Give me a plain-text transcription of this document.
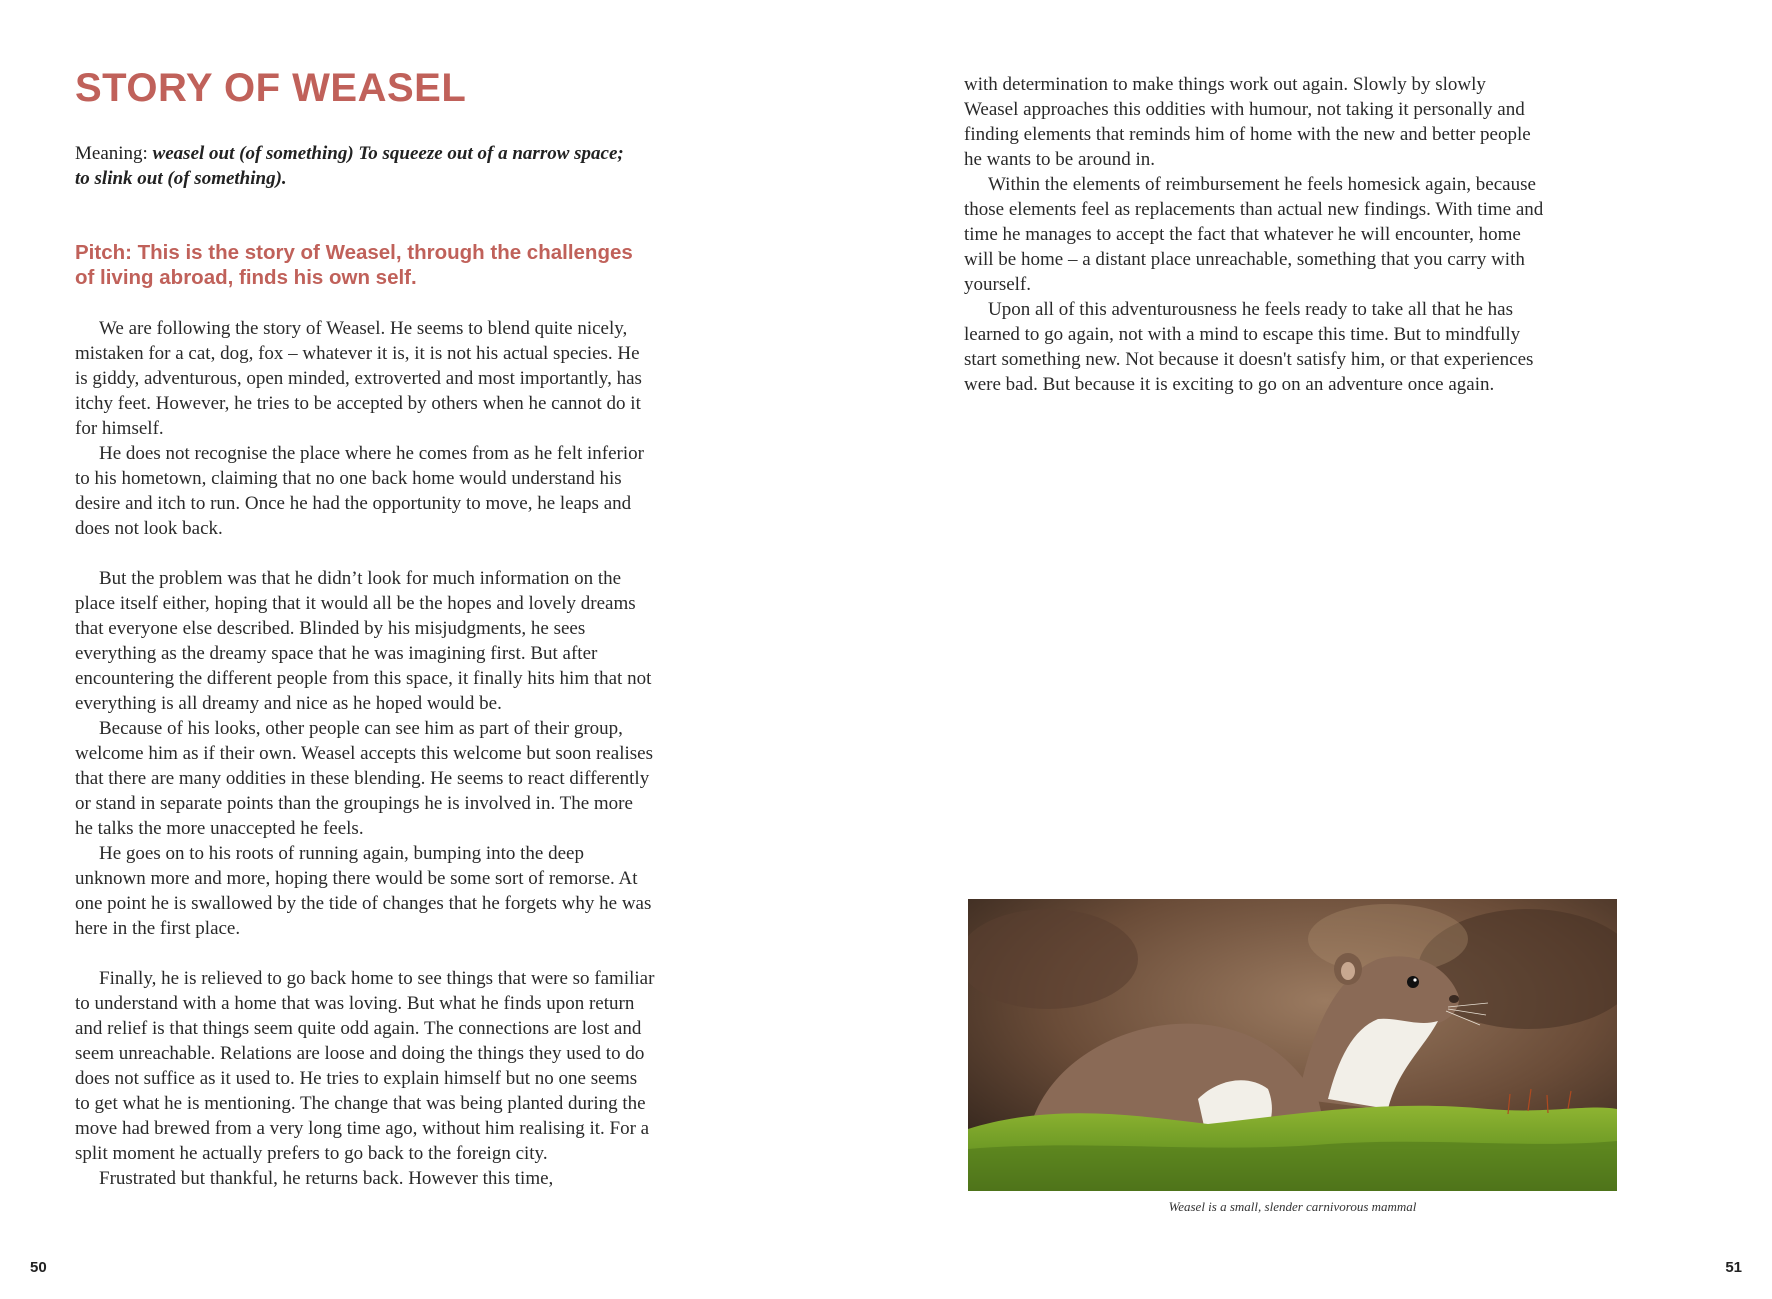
STORY OF WEASEL
Meaning: weasel out (of something) To squeeze out of a narrow space; to slink out (of something).
Pitch: This is the story of Weasel, through the challenges of living abroad, finds his own self.

We are following the story of Weasel. He seems to blend quite nicely, mistaken for a cat, dog, fox – whatever it is, it is not his actual species. He is giddy, adventurous, open minded, extroverted and most importantly, has itchy feet. However, he tries to be accepted by others when he cannot do it for himself.

He does not recognise the place where he comes from as he felt inferior to his hometown, claiming that no one back home would understand his desire and itch to run. Once he had the opportunity to move, he leaps and does not look back.

But the problem was that he didn’t look for much information on the place itself either, hoping that it would all be the hopes and lovely dreams that everyone else described. Blinded by his misjudgments, he sees everything as the dreamy space that he was imagining first. But after encountering the different people from this space, it finally hits him that not everything is all dreamy and nice as he hoped would be.

Because of his looks, other people can see him as part of their group, welcome him as if their own. Weasel accepts this welcome but soon realises that there are many oddities in these blending. He seems to react differently or stand in separate points than the groupings he is involved in. The more he talks the more unaccepted he feels.

He goes on to his roots of running again, bumping into the deep unknown more and more, hoping there would be some sort of remorse. At one point he is swallowed by the tide of changes that he forgets why he was here in the first place.

Finally, he is relieved to go back home to see things that were so familiar to understand with a home that was loving. But what he finds upon return and relief is that things seem quite odd again. The connections are lost and seem unreachable. Relations are loose and doing the things they used to do does not suffice as it used to. He tries to explain himself but no one seems to get what he is mentioning. The change that was being planted during the move had brewed from a very long time ago, without him realising it. For a split moment he actually prefers to go back to the foreign city.

Frustrated but thankful, he returns back. However this time,

50

with determination to make things work out again. Slowly by slowly Weasel approaches this oddities with humour, not taking it personally and finding elements that reminds him of home with the new and better people he wants to be around in.

Within the elements of reimbursement he feels homesick again, because those elements feel as replacements than actual new findings. With time and time he manages to accept the fact that whatever he will encounter, home will be home – a distant place unreachable, something that you carry with yourself.

Upon all of this adventurousness he feels ready to take all that he has learned to go again, not with a mind to escape this time. But to mindfully start something new. Not because it doesn't satisfy him, or that experiences were bad. But because it is exciting to go on an adventure once again.

Weasel is a small, slender carnivorous mammal
51
